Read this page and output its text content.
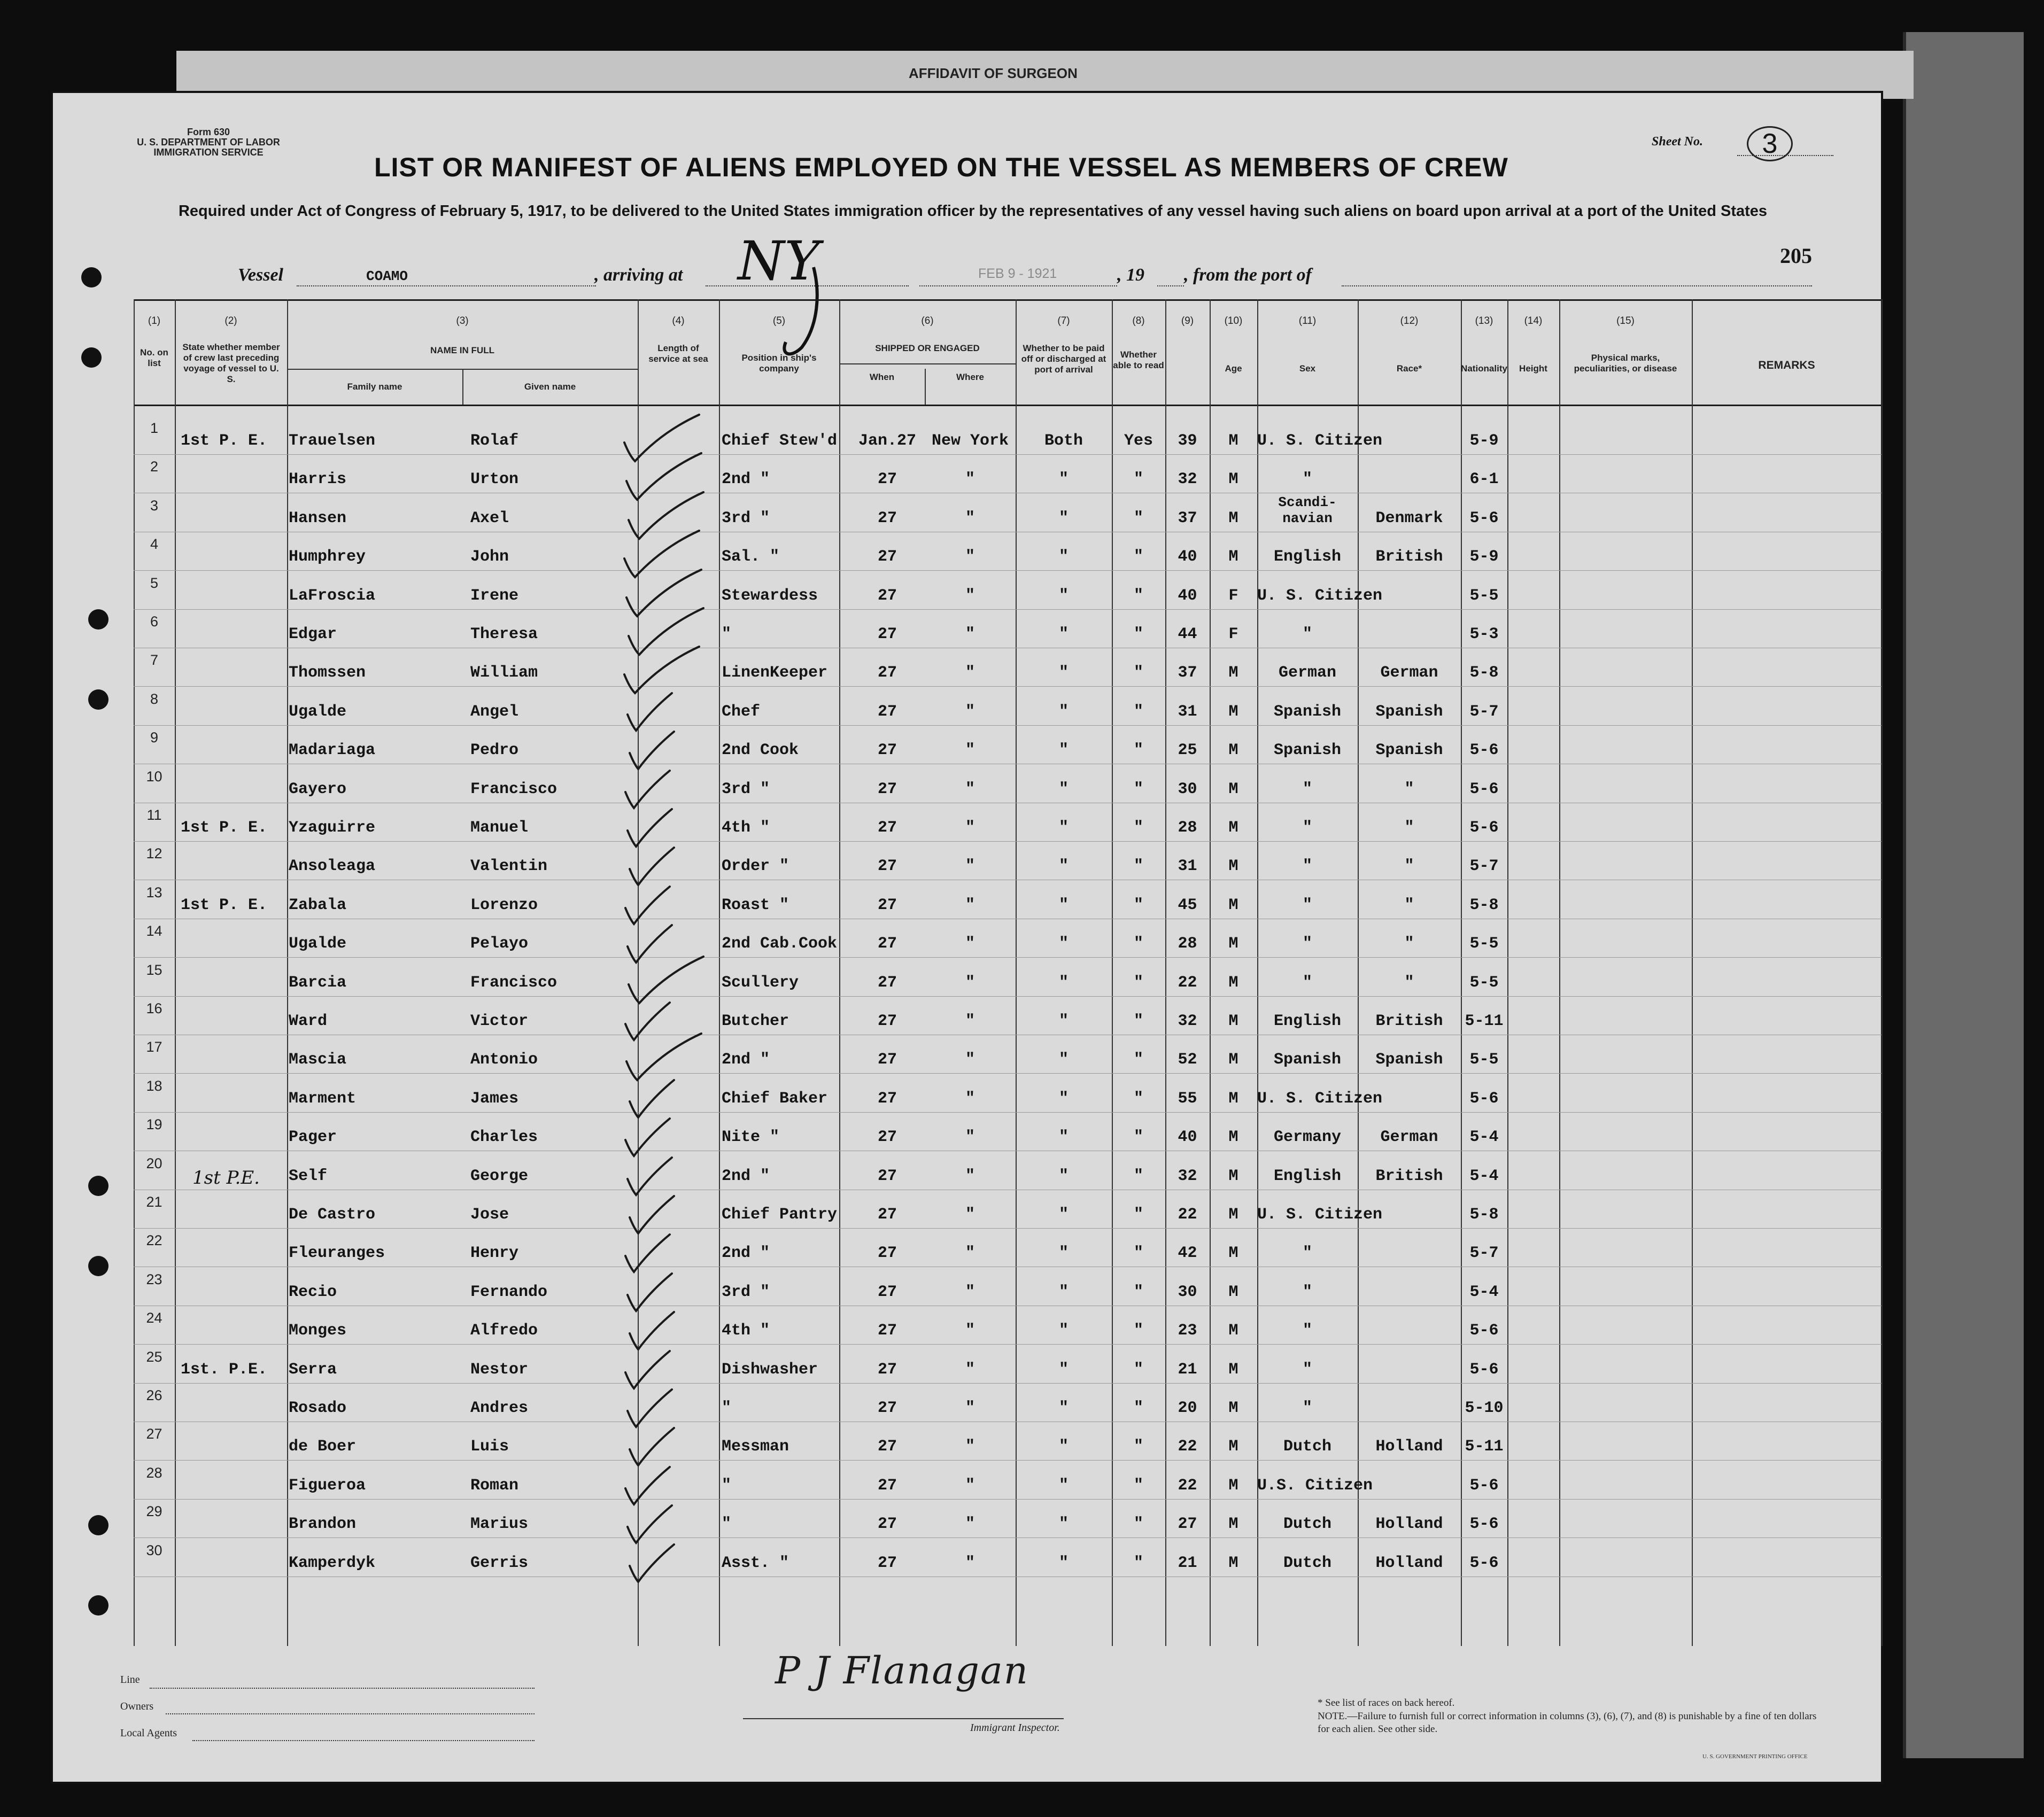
AFFIDAVIT OF SURGEON
Form 630
U. S. DEPARTMENT OF LABOR
IMMIGRATION SERVICE	LIST OR MANIFEST OF ALIENS EMPLOYED ON THE VESSEL AS MEMBERS OF CREW
Sheet No.	3
Required under Act of Congress of February 5, 1917, to be delivered to the United States immigration officer by the representatives of any vessel having such aliens on board upon arrival at a port of the United States
205
Vessel	COAMO	, arriving at NY	FEB 9 - 1921	, 19 , from the port of
(1)	(2)	(3)	(4)	(5)	(6)	(7)	(8)	(9)	(10)	(11)	(12)	(13)	(14)	(15)
No. on list
State whether member of crew last preceding voyage of vessel to U. S.
NAME IN FULL
Family name	Given name
Length of service at sea	Position in ship's company
SHIPPED OR ENGAGED
When	Where
Whether to be paid off or discharged at port of arrival
Whether able to read	Age	Sex	Race*	Nationality	Height
Physical marks, peculiarities, or disease	REMARKS
1
1st P. E.	Trauelsen	Rolaf	Chief Stew'd	Jan.27 New York	Both	Yes	39	M	U. S. Citizen	5-9
2
Harris	Urton	2nd "	27	"	"	"	32	M	"	6-1
3
Hansen	Axel	3rd "	27	"	"	"	37	M
Scandi- navian	Denmark	5-6
4
Humphrey	John	Sal. "	27	"	"	"	40	M	English	British	5-9
5
LaFroscia	Irene	Stewardess	27	"	"	"	40	F	U. S. Citizen	5-5
6
Edgar	Theresa	"	27	"	"	"	44	F	"	5-3
7
Thomssen	William	LinenKeeper	27	"	"	"	37	M	German	German	5-8
8
Ugalde	Angel	Chef	27	"	"	"	31	M	Spanish	Spanish	5-7
9
Madariaga	Pedro	2nd Cook	27	"	"	"	25	M	Spanish	Spanish	5-6
10
Gayero	Francisco	3rd "	27	"	"	"	30	M	"	"	5-6
11
1st P. E.	Yzaguirre	Manuel	4th "	27	"	"	"	28	M	"	"	5-6
12
Ansoleaga	Valentin	Order "	27	"	"	"	31	M	"	"	5-7
13
1st P. E.	Zabala	Lorenzo	Roast "	27	"	"	"	45	M	"	"	5-8
14
Ugalde	Pelayo	2nd Cab.Cook	27	"	"	"	28	M	"	"	5-5
15
Barcia	Francisco	Scullery	27	"	"	"	22	M	"	"	5-5
16
Ward	Victor	Butcher	27	"	"	"	32	M	English	British	5-11
17
Mascia	Antonio	2nd "	27	"	"	"	52	M	Spanish	Spanish	5-5
18
Marment	James	Chief Baker	27	"	"	"	55	M	U. S. Citizen	5-6
19
Pager	Charles	Nite "	27	"	"	"	40	M	Germany	German	5-4
20
1st P.E.	Self	George	2nd "	27	"	"	"	32	M	English	British	5-4
21
De Castro	Jose	Chief Pantry	27	"	"	"	22	M	U. S. Citizen	5-8
22
Fleuranges	Henry	2nd "	27	"	"	"	42	M	"	5-7
23
Recio	Fernando	3rd "	27	"	"	"	30	M	"	5-4
24
Monges	Alfredo	4th "	27	"	"	"	23	M	"	5-6
25
1st. P.E.	Serra	Nestor	Dishwasher	27	"	"	"	21	M	"	5-6
26
Rosado	Andres	"	27	"	"	"	20	M	"	5-10
27
de Boer	Luis	Messman	27	"	"	"	22	M	Dutch	Holland	5-11
28
Figueroa	Roman	"	27	"	"	"	22	M	U.S. Citizen	5-6
29
Brandon	Marius	"	27	"	"	"	27	M	Dutch	Holland	5-6
30
Kamperdyk	Gerris	Asst. "	27	"	"	"	21	M	Dutch	Holland	5-6
Line
Owners
Local Agents
P J Flanagan
Immigrant Inspector.
* See list of races on back hereof.
NOTE.—Failure to furnish full or correct information in columns (3), (6), (7), and (8) is punishable by a fine of ten dollars for each alien. See other side.
U. S. GOVERNMENT PRINTING OFFICE
